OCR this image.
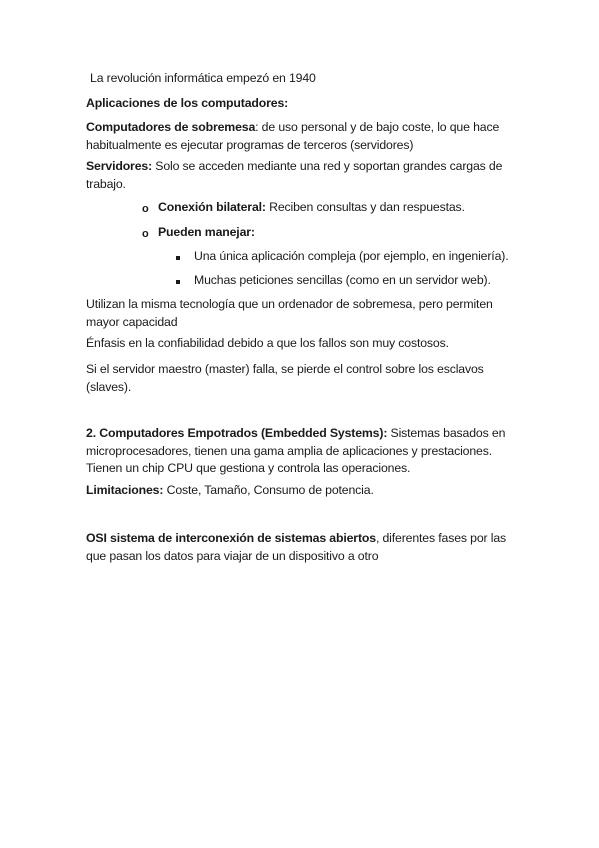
La revolución informática empezó en 1940

Aplicaciones de los computadores:

Computadores de sobremesa: de uso personal y de bajo coste, lo que hace habitualmente es ejecutar programas de terceros (servidores)

Servidores: Solo se acceden mediante una red y soportan grandes cargas de trabajo.

o Conexión bilateral: Reciben consultas y dan respuestas.

o Pueden manejar:

Una única aplicación compleja (por ejemplo, en ingeniería).

Muchas peticiones sencillas (como en un servidor web).

Utilizan la misma tecnología que un ordenador de sobremesa, pero permiten mayor capacidad

Énfasis en la confiabilidad debido a que los fallos son muy costosos.

Si el servidor maestro (master) falla, se pierde el control sobre los esclavos (slaves).

2. Computadores Empotrados (Embedded Systems): Sistemas basados en microprocesadores, tienen una gama amplia de aplicaciones y prestaciones. Tienen un chip CPU que gestiona y controla las operaciones.

Limitaciones: Coste, Tamaño, Consumo de potencia.

OSI sistema de interconexión de sistemas abiertos, diferentes fases por las que pasan los datos para viajar de un dispositivo a otro
